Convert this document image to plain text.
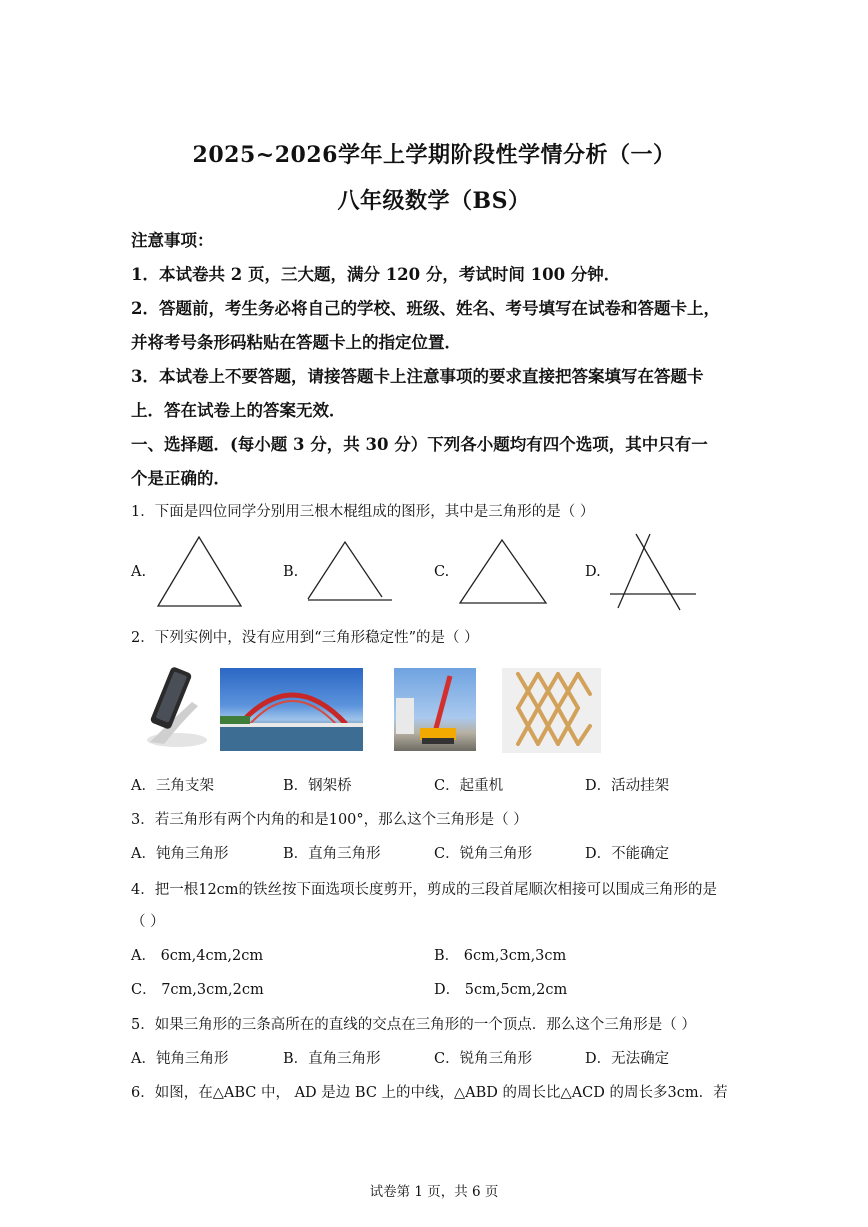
2025~2026学年上学期阶段性学情分析（一）
八年级数学（BS）
注意事项：
1．本试卷共 2 页，三大题，满分 120 分，考试时间 100 分钟．
2．答题前，考生务必将自己的学校、班级、姓名、考号填写在试卷和答题卡上，
并将考号条形码粘贴在答题卡上的指定位置．
3．本试卷上不要答题，请接答题卡上注意事项的要求直接把答案填写在答题卡
上．答在试卷上的答案无效．
一、选择题．(每小题 3 分，共 30 分）下列各小题均有四个选项，其中只有一
个是正确的．
1．下面是四位同学分别用三根木棍组成的图形，其中是三角形的是（ ）
A.	B.	C.	D.
2．下列实例中，没有应用到“三角形稳定性”的是（ ）
A．三角支架	B．钢架桥	C．起重机	D．活动挂架
3．若三角形有两个内角的和是100°，那么这个三角形是（ ）
A．钝角三角形	B．直角三角形	C．锐角三角形	D．不能确定
4．把一根12cm的铁丝按下面选项长度剪开，剪成的三段首尾顺次相接可以围成三角形的是
（ ）
A． 6cm,4cm,2cm	B． 6cm,3cm,3cm
C． 7cm,3cm,2cm	D． 5cm,5cm,2cm
5．如果三角形的三条高所在的直线的交点在三角形的一个顶点．那么这个三角形是（ ）
A．钝角三角形	B．直角三角形	C．锐角三角形	D．无法确定
6．如图，在△ABC 中， AD 是边 BC 上的中线，△ABD 的周长比△ACD 的周长多3cm．若
试卷第 1 页，共 6 页
